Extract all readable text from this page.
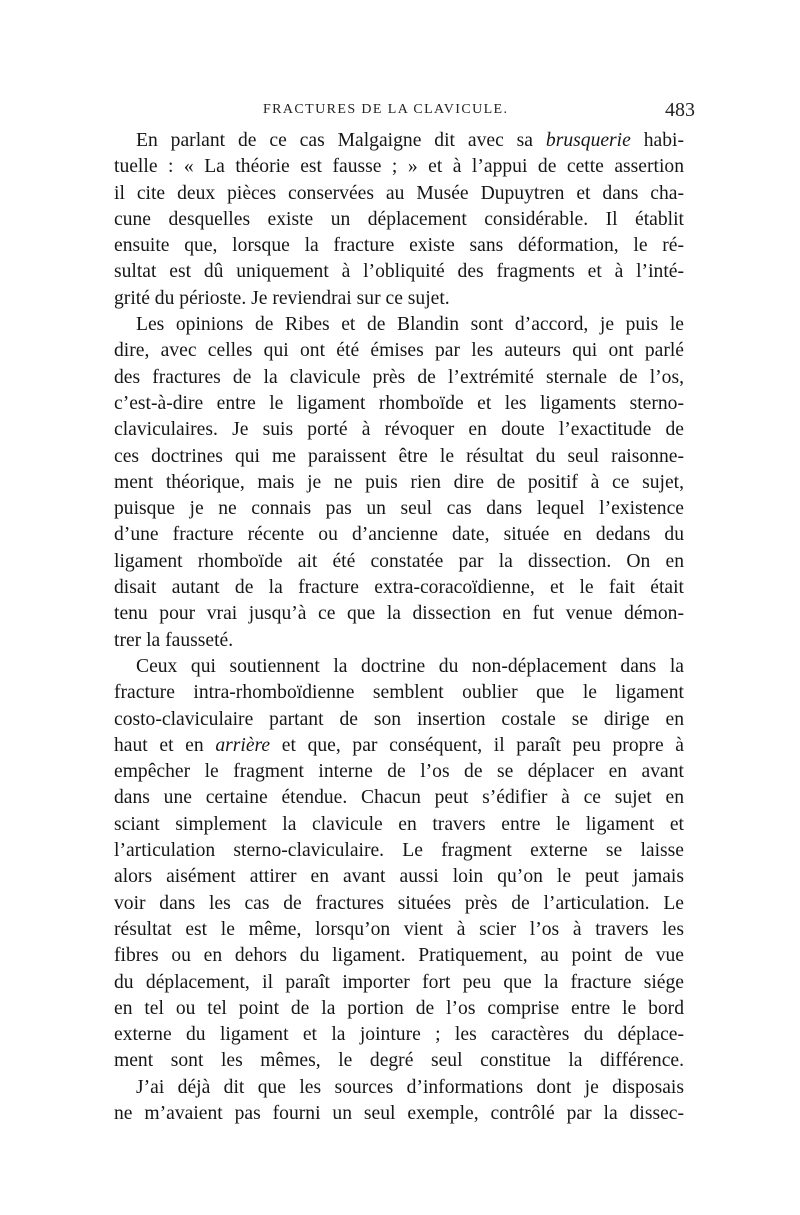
FRACTURES DE LA CLAVICULE.	483
En parlant de ce cas Malgaigne dit avec sa brusquerie habi-
tuelle : « La théorie est fausse ; » et à l’appui de cette assertion
il cite deux pièces conservées au Musée Dupuytren et dans cha-
cune desquelles existe un déplacement considérable. Il établit
ensuite que, lorsque la fracture existe sans déformation, le ré-
sultat est dû uniquement à l’obliquité des fragments et à l’inté-
grité du périoste. Je reviendrai sur ce sujet.
Les opinions de Ribes et de Blandin sont d’accord, je puis le
dire, avec celles qui ont été émises par les auteurs qui ont parlé
des fractures de la clavicule près de l’extrémité sternale de l’os,
c’est-à-dire entre le ligament rhomboïde et les ligaments sterno-
claviculaires. Je suis porté à révoquer en doute l’exactitude de
ces doctrines qui me paraissent être le résultat du seul raisonne-
ment théorique, mais je ne puis rien dire de positif à ce sujet,
puisque je ne connais pas un seul cas dans lequel l’existence
d’une fracture récente ou d’ancienne date, située en dedans du
ligament rhomboïde ait été constatée par la dissection. On en
disait autant de la fracture extra-coracoïdienne, et le fait était
tenu pour vrai jusqu’à ce que la dissection en fut venue démon-
trer la fausseté.
Ceux qui soutiennent la doctrine du non-déplacement dans la
fracture intra-rhomboïdienne semblent oublier que le ligament
costo-claviculaire partant de son insertion costale se dirige en
haut et en arrière et que, par conséquent, il paraît peu propre à
empêcher le fragment interne de l’os de se déplacer en avant
dans une certaine étendue. Chacun peut s’édifier à ce sujet en
sciant simplement la clavicule en travers entre le ligament et
l’articulation sterno-claviculaire. Le fragment externe se laisse
alors aisément attirer en avant aussi loin qu’on le peut jamais
voir dans les cas de fractures situées près de l’articulation. Le
résultat est le même, lorsqu’on vient à scier l’os à travers les
fibres ou en dehors du ligament. Pratiquement, au point de vue
du déplacement, il paraît importer fort peu que la fracture siége
en tel ou tel point de la portion de l’os comprise entre le bord
externe du ligament et la jointure ; les caractères du déplace-
ment sont les mêmes, le degré seul constitue la différence.
J’ai déjà dit que les sources d’informations dont je disposais
ne m’avaient pas fourni un seul exemple, contrôlé par la dissec-
